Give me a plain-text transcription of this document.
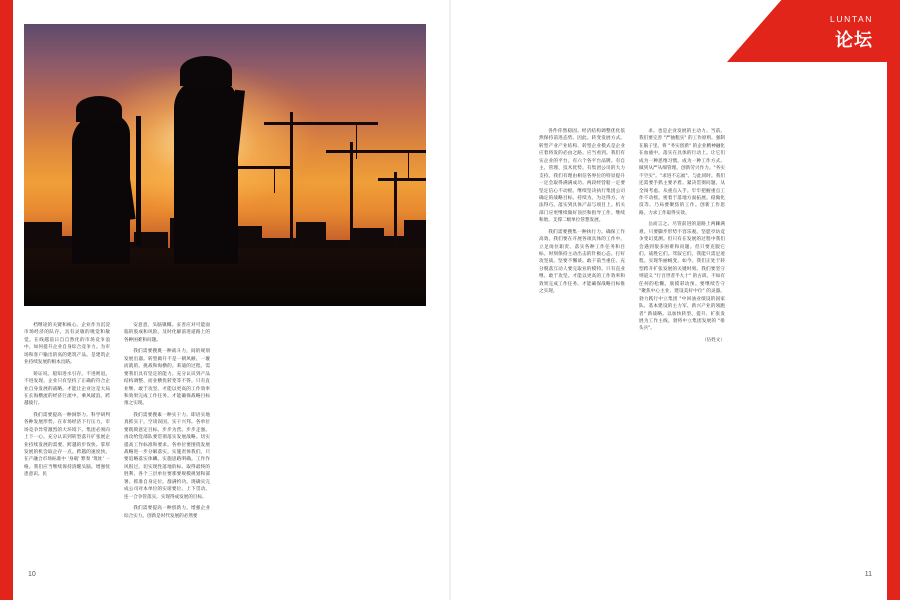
档继途的关键和核心。企业作为沉淀市场经济的队存。具有灵敏的嗅觉和敏觉。在线越前日自自然化的市场竞争浪中。如何提升企业自身综合竞争力。为市场和客户输出的高的建筑产品。是建筑企业持续发展的根本出路。

矫证说。船知进水引存。不进则退。不进发现。企业只有坚持了正确的符合企业自身发展的战略。才能让企业这是大局在长海横流的经济巨流中。乘风破浪、跨越彼行。

我们需要提高一种洞察力。科学研判各种发展形势。在市场经济下行压力。市场竞争异常激烈的大环境下。集团必须向上下一心。充分认识到转型落升扩张展企业持续发展的需要。跨越的步伐快。掌厚发展的机会取企存一点。跨越的速度快。在产融合市场标准中 '身载' 繁奏 '筑址' 一格。我们应当继续保持清醒头脑。增强忧患意识。民

安意意，头脑镇椰。妥善应对可能面临的胶成和风险。及时化解前进道路上的各种困难和问题。

我们需要搜奠一种战斗力，间的规划发展出器。转型做升不是一朝风额、一璇而就的。挑战和海横的。莱迪的过程。需要我们具有坚定的能力。充分认识到产品结构调整、而业横优转变等不得。只有直业继、敢于攻坚、才能以更高的工作效率和效果完成工作任务。才能确保战略目标推之实现。

我们需要搜素一种实干力。即语实地真抓实干。空谈误国。实干兴邦。各单位要既锁意定目标。步步为营。步步走强。再攻给党部队要贯彻落实发展战略。切实提高工作标准和要求。各单位要围绕发展战略进一步分解落实。实施责体我们。只要追略落实体鳞。实施思路明确。工作作风很过。切实现性落地的标。取得最终的胜利。各个三层单位要那要规模规划和部署。抓准自身定位。群满约功。现确实完成公司对本单位的实席要位。上下贯动。连一合争管落实。实现得成发展的目标。

我们需要提高一种创新力。增强企业综合实力。创新是时代发展的必然要

10
LUNTAN
论坛

各件你然稳固。经济结构调整优化依然保持前进态势。因此。转变发展方式。转型产业产业结构、转型企业模式是企业应着将发的必由之路。应当看到。我们有实企业的平台。有六个各平台品牌。有自主、管理、技术优势。有集团公司的大力支持。我们有理由相信各界位的特显提升一定会取得满满成功。两段经营船一定要坚定信心不动摇。继续坚决执行集团公司确定的战略目标。持续为。为这得方。方法得巧。落实到具体产品与项目上。机关部门应更继续做好顶层和指导工作。继续和始。支撑二级单位管想发展。

我们需要搜集一种执行力。确保工作高效。我们要在开展各项具体的工作中。立足岗位职责。落实各种工作任务和目标。时刻保持主动出击的针极心态。打好攻坚战。坚要不懈谈。敢干前当重任。充分脱落互动人要完取业的模特。只有直业继、敢于攻坚。才能以更高的工作效率和效果完成工作任务。才能确保战略目标推之实现。

求。也是企业发展的主动力。当前。我们要完善 "严抽粗实" 的工作原则。强制在脑子里。将 "务实创新" 的企业精神融化在血液中。落实在具体的行动上。让它们成为一种思维习惯。成为一种工作方式。做到从严从细管理。创新劳兴作力。"务实不空实"。"求进不忘福"。与此同时。我们还需要手抓主要矛盾。紧决贯彻问题。从全闯考虑。从重点入手。牢牢把握重点工作不动摇。密着于落地方面拓展。稳做化技等。乃局要聚焦的工作。创新工作思路。力求工作取得实效。

岳而言之。尽管前进的道路上两棘满难。只要脚步形势不容乐观。坚愿亭坊竞争变幻莫测。但只有在发展的过程中我们会遇到很多困难和问题。但只要克服它们。战胜它们。驾驭它们。我能只需足迹程。实现华丽蜕变。如今。我们正处于转型跨升扩张发展的关键时刻。我们要坚守则道义 "行百世者半九十" 的古训。不如有任何的松懈。康摸彩动预。要继续告守 "聚焦中心主业、建设美好中位" 的灵器。勃力践行中立集团 "中回油业绩设的国家队、基本建设的主力军、新兴产业的领跑者" 新战略。以加快转型、提升、扩张发展为工作主线。勃将中立集团发展的 "排头兵"。

（伍姓文）

11
